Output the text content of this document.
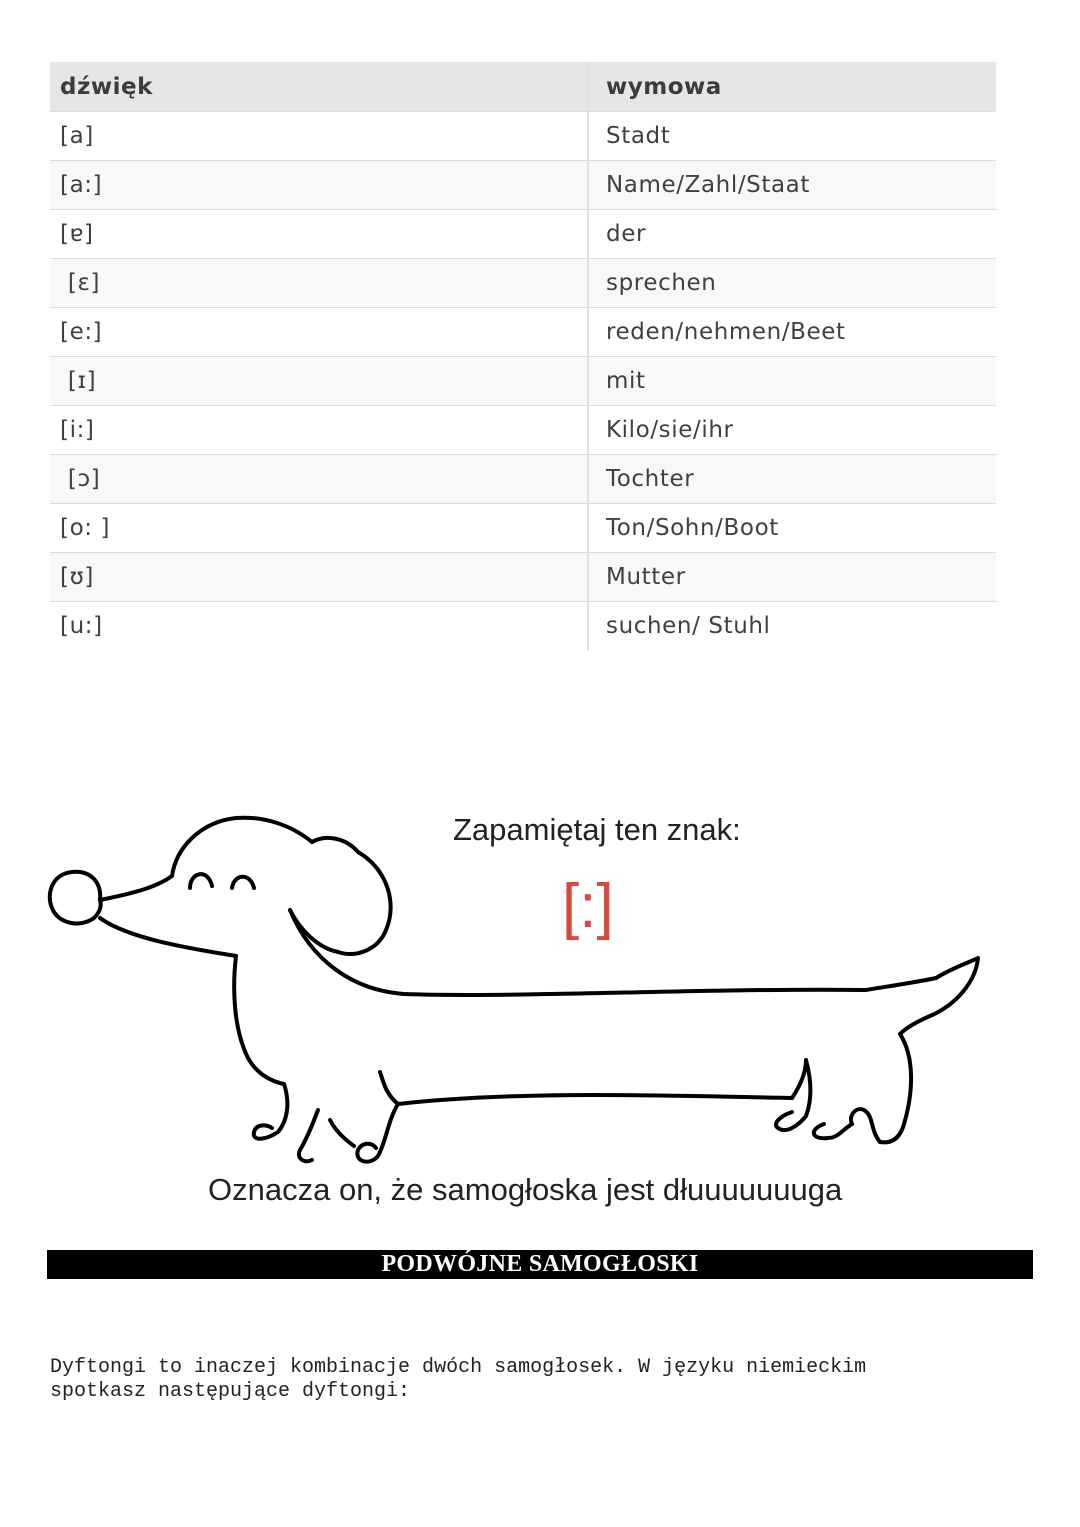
dźwięk	wymowa
[a]	Stadt
[a:]	Name/Zahl/Staat
[ɐ]	der
[ɛ]	sprechen
[e:]	reden/nehmen/Beet
[ɪ]	mit
[i:]	Kilo/sie/ihr
[ɔ]	Tochter
[o: ]	Ton/Sohn/Boot
[ʊ]	Mutter
[u:]	suchen/ Stuhl
Zapamiętaj ten znak:
[:]
Oznacza on, że samogłoska jest dłuuuuuuuga
PODWÓJNE SAMOGŁOSKI

Dyftongi to inaczej kombinacje dwóch samogłosek. W języku niemieckim
spotkasz następujące dyftongi:
